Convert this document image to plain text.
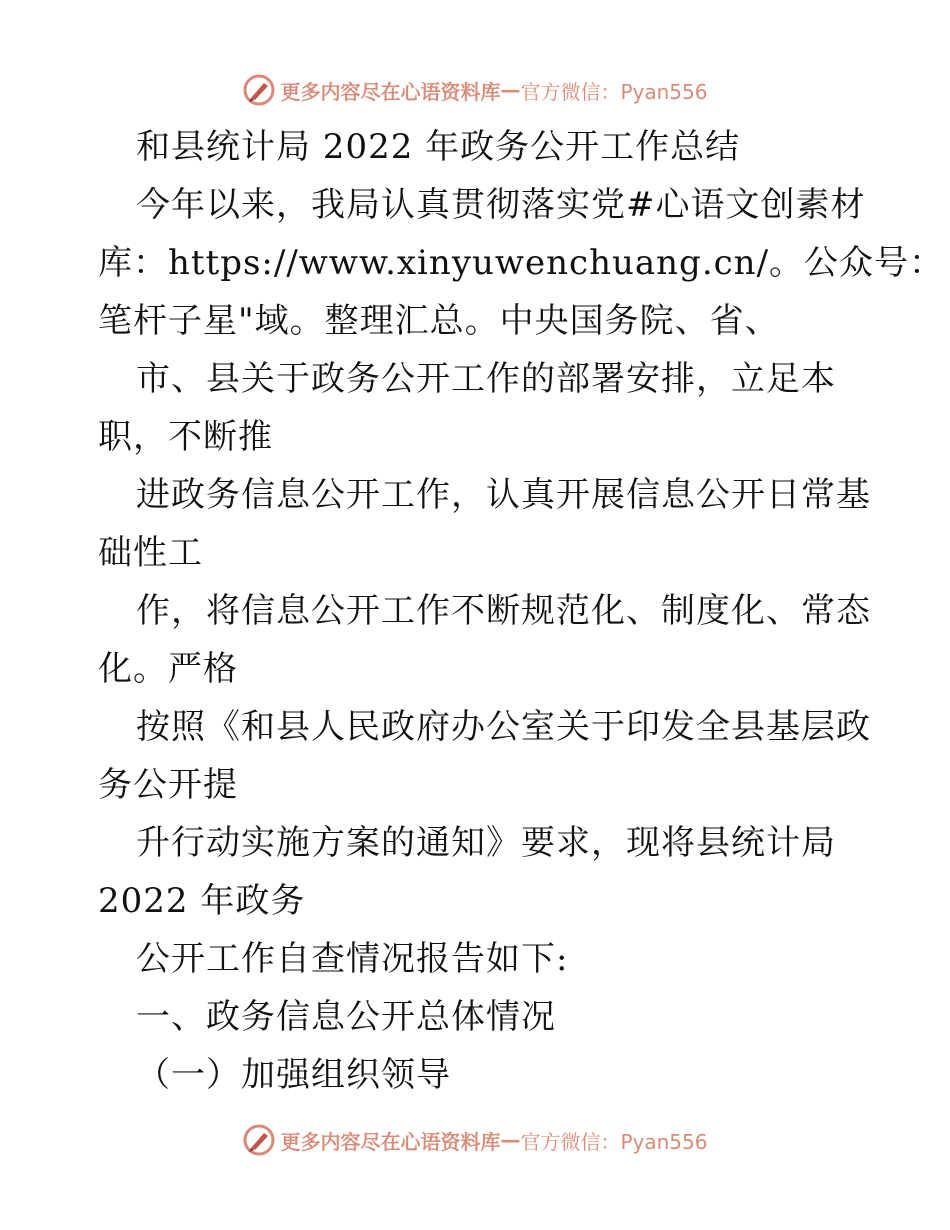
更多内容尽在心语资料库 — 官方微信：Pyan556
和县统计局 2022 年政务公开工作总结
今年以来，我局认真贯彻落实党#心语文创素材
库：https://www.xinyuwenchuang.cn/。公众号：
笔杆子星"域。整理汇总。中央国务院、省、
市、县关于政务公开工作的部署安排，立足本
职，不断推
进政务信息公开工作，认真开展信息公开日常基
础性工
作，将信息公开工作不断规范化、制度化、常态
化。严格
按照《和县人民政府办公室关于印发全县基层政
务公开提
升行动实施方案的通知》要求，现将县统计局
2022 年政务
公开工作自查情况报告如下:
一、政务信息公开总体情况
（一）加强组织领导
更多内容尽在心语资料库 — 官方微信：Pyan556
